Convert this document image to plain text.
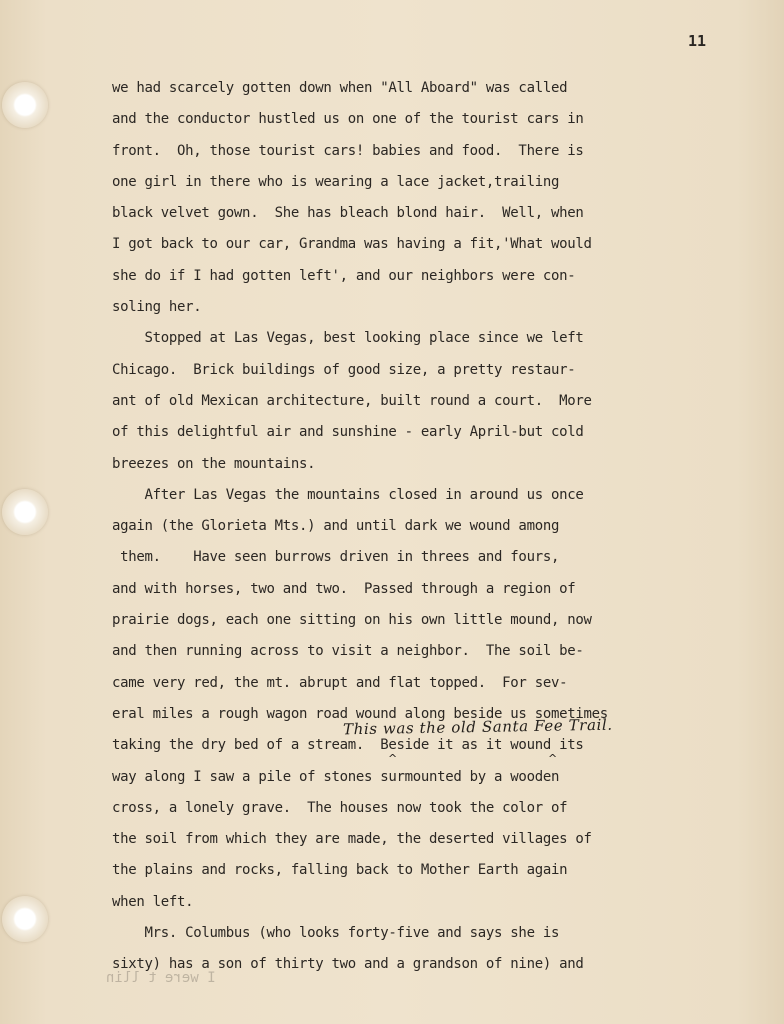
11
we had scarcely gotten down when "All Aboard" was called
and the conductor hustled us on one of the tourist cars in
front.  Oh, those tourist cars! babies and food.  There is
one girl in there who is wearing a lace jacket,trailing
black velvet gown.  She has bleach blond hair.  Well, when
I got back to our car, Grandma was having a fit,'What would
she do if I had gotten left', and our neighbors were con-
soling her.
Stopped at Las Vegas, best looking place since we left
Chicago.  Brick buildings of good size, a pretty restaur-
ant of old Mexican architecture, built round a court.  More
of this delightful air and sunshine - early April-but cold
breezes on the mountains.
After Las Vegas the mountains closed in around us once
again (the Glorieta Mts.) and until dark we wound among
them.    Have seen burrows driven in threes and fours,
and with horses, two and two.  Passed through a region of
prairie dogs, each one sitting on his own little mound, now
and then running across to visit a neighbor.  The soil be-
came very red, the mt. abrupt and flat topped.  For sev-
eral miles a rough wagon road wound along beside us sometimes
taking the dry bed of a stream.  Beside it as it wound its
way along I saw a pile of stones surmounted by a wooden
cross, a lonely grave.  The houses now took the color of
the soil from which they are made, the deserted villages of
the plains and rocks, falling back to Mother Earth again
when left.
Mrs. Columbus (who looks forty-five and says she is
sixty) has a son of thirty two and a grandson of nine) and
This was the old Santa Fee Trail.
^	^
I were t llin
